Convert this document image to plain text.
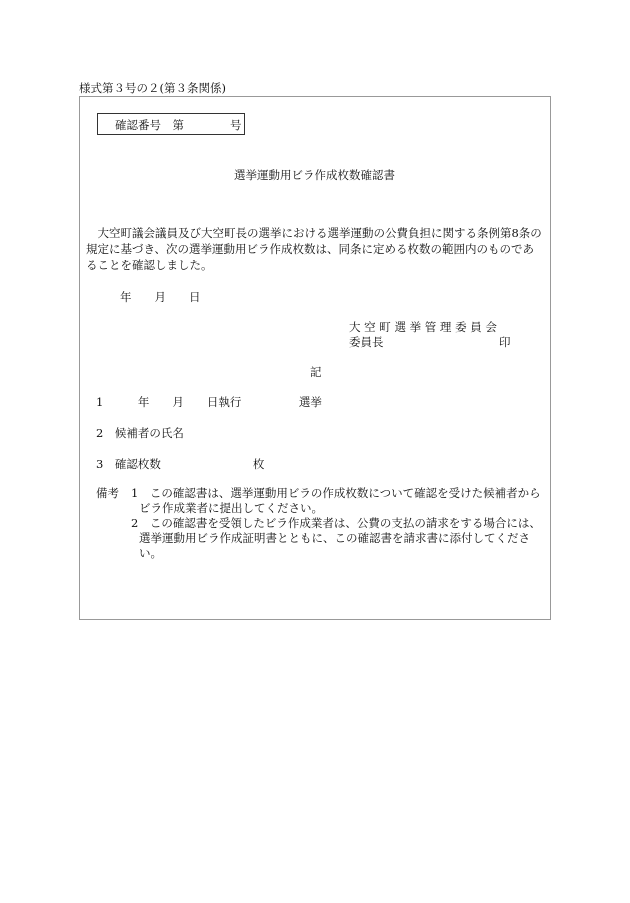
様式第３号の２(第３条関係)
確認番号　第　　　　号
選挙運動用ビラ作成枚数確認書
　大空町議会議員及び大空町長の選挙における選挙運動の公費負担に関する条例第8条の
規定に基づき、次の選挙運動用ビラ作成枚数は、同条に定める枚数の範囲内のものであ
ることを確認しました。
年　　月　　日
大 空 町 選 挙 管 理 委 員 会
委員長	印
記
1　　　年　　月　　日執行　　　　　選挙
2　候補者の氏名
3　確認枚数　　　　　　　　枚
備考 1　この確認書は、選挙運動用ビラの作成枚数について確認を受けた候補者から
ビラ作成業者に提出してください。
2　この確認書を受領したビラ作成業者は、公費の支払の請求をする場合には、
選挙運動用ビラ作成証明書とともに、この確認書を請求書に添付してくださ
い。
